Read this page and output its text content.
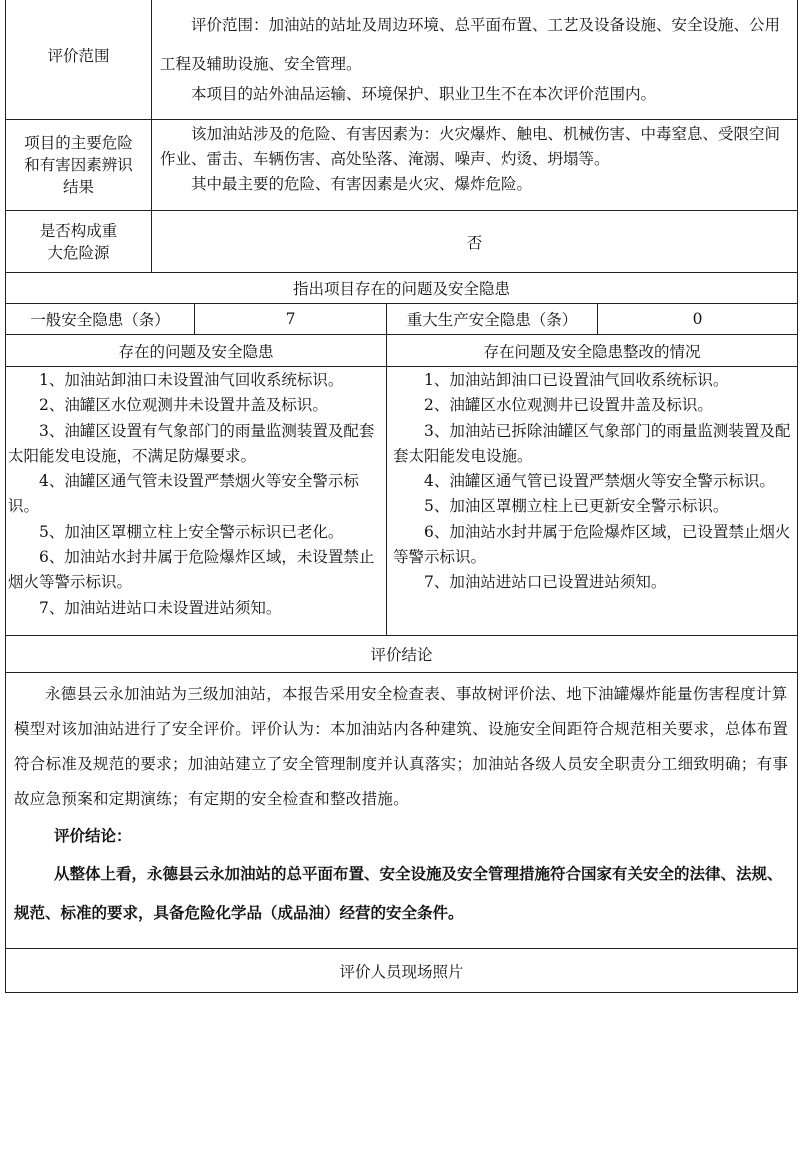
评价范围

评价范围：加油站的站址及周边环境、总平面布置、工艺及设备设施、安全设施、公用工程及辅助设施、安全管理。

本项目的站外油品运输、环境保护、职业卫生不在本次评价范围内。

项目的主要危险和有害因素辨识结果

该加油站涉及的危险、有害因素为：火灾爆炸、触电、机械伤害、中毒窒息、受限空间作业、雷击、车辆伤害、高处坠落、淹溺、噪声、灼烫、坍塌等。

其中最主要的危险、有害因素是火灾、爆炸危险。

是否构成重大危险源
否
指出项目存在的问题及安全隐患
一般安全隐患（条）	7	重大生产安全隐患（条）	0
存在的问题及安全隐患	存在问题及安全隐患整改的情况
1、加油站卸油口未设置油气回收系统标识。
2、油罐区水位观测井未设置井盖及标识。
3、油罐区设置有气象部门的雨量监测装置及配套太阳能发电设施，不满足防爆要求。
4、油罐区通气管未设置严禁烟火等安全警示标识。
5、加油区罩棚立柱上安全警示标识已老化。
6、加油站水封井属于危险爆炸区域，未设置禁止烟火等警示标识。
7、加油站进站口未设置进站须知。
1、加油站卸油口已设置油气回收系统标识。
2、油罐区水位观测井已设置井盖及标识。
3、加油站已拆除油罐区气象部门的雨量监测装置及配套太阳能发电设施。
4、油罐区通气管已设置严禁烟火等安全警示标识。
5、加油区罩棚立柱上已更新安全警示标识。
6、加油站水封井属于危险爆炸区域，已设置禁止烟火等警示标识。
7、加油站进站口已设置进站须知。
评价结论

永德县云永加油站为三级加油站，本报告采用安全检查表、事故树评价法、地下油罐爆炸能量伤害程度计算模型对该加油站进行了安全评价。评价认为：本加油站内各种建筑、设施安全间距符合规范相关要求，总体布置符合标准及规范的要求；加油站建立了安全管理制度并认真落实；加油站各级人员安全职责分工细致明确；有事故应急预案和定期演练；有定期的安全检查和整改措施。

评价结论：

从整体上看，永德县云永加油站的总平面布置、安全设施及安全管理措施符合国家有关安全的法律、法规、规范、标准的要求，具备危险化学品（成品油）经营的安全条件。

评价人员现场照片
